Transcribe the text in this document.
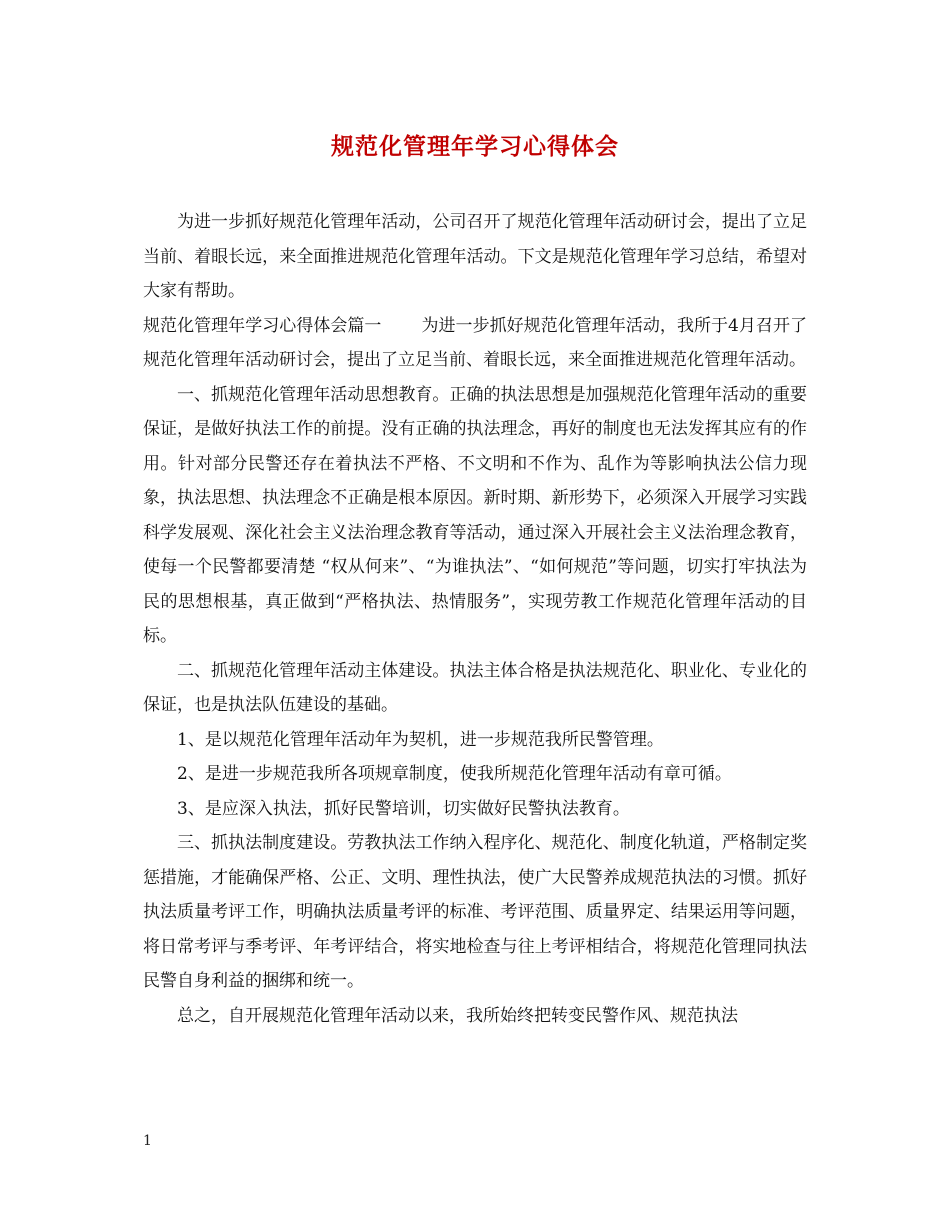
规范化管理年学习心得体会

为进一步抓好规范化管理年活动，公司召开了规范化管理年活动研讨会，提出了立足当前、着眼长远，来全面推进规范化管理年活动。下文是规范化管理年学习总结，希望对大家有帮助。

规范化管理年学习心得体会篇一 为进一步抓好规范化管理年活动，我所于4月召开了规范化管理年活动研讨会，提出了立足当前、着眼长远，来全面推进规范化管理年活动。

一、抓规范化管理年活动思想教育。正确的执法思想是加强规范化管理年活动的重要保证，是做好执法工作的前提。没有正确的执法理念，再好的制度也无法发挥其应有的作用。针对部分民警还存在着执法不严格、不文明和不作为、乱作为等影响执法公信力现象，执法思想、执法理念不正确是根本原因。新时期、新形势下，必须深入开展学习实践科学发展观、深化社会主义法治理念教育等活动，通过深入开展社会主义法治理念教育，使每一个民警都要清楚 “权从何来”、“为谁执法”、“如何规范”等问题，切实打牢执法为民的思想根基，真正做到“严格执法、热情服务”，实现劳教工作规范化管理年活动的目标。

二、抓规范化管理年活动主体建设。执法主体合格是执法规范化、职业化、专业化的保证，也是执法队伍建设的基础。

1、是以规范化管理年活动年为契机，进一步规范我所民警管理。

2、是进一步规范我所各项规章制度，使我所规范化管理年活动有章可循。

3、是应深入执法，抓好民警培训，切实做好民警执法教育。

三、抓执法制度建设。劳教执法工作纳入程序化、规范化、制度化轨道，严格制定奖惩措施，才能确保严格、公正、文明、理性执法，使广大民警养成规范执法的习惯。抓好执法质量考评工作，明确执法质量考评的标准、考评范围、质量界定、结果运用等问题，将日常考评与季考评、年考评结合，将实地检查与往上考评相结合，将规范化管理同执法民警自身利益的捆绑和统一。

总之，自开展规范化管理年活动以来，我所始终把转变民警作风、规范执法

1
